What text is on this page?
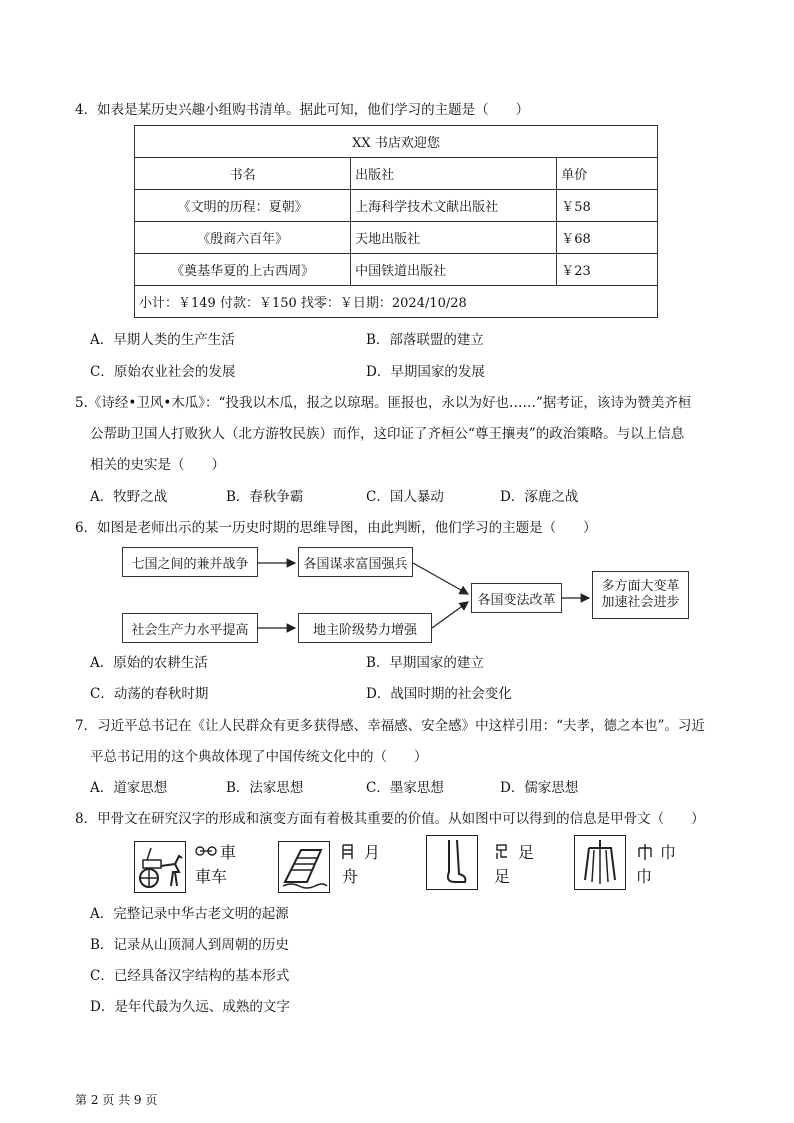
4．如表是某历史兴趣小组购书清单。据此可知，他们学习的主题是（　　）
XX 书店欢迎您		
书名	出版社	单价
《文明的历程：夏朝》	上海科学技术文献出版社	￥58
《殷商六百年》	天地出版社	￥68
《奠基华夏的上古西周》	中国铁道出版社	￥23
小计：￥149 付款：￥150 找零：￥日期：2024/10/28		
A．早期人类的生产生活	B．部落联盟的建立
C．原始农业社会的发展	D．早期国家的发展
5.《诗经•卫风•木瓜》：“投我以木瓜，报之以琼琚。匪报也，永以为好也……”据考证，该诗为赞美齐桓
公帮助卫国人打败狄人（北方游牧民族）而作，这印证了齐桓公“尊王攘夷”的政治策略。与以上信息
相关的史实是（　　）
A．牧野之战	B．春秋争霸	C．国人暴动	D．涿鹿之战
6．如图是老师出示的某一历史时期的思维导图，由此判断，他们学习的主题是（　　）
七国之间的兼并战争	各国谋求富国强兵
社会生产力水平提高	地主阶级势力增强
各国变法改革
多方面大变革
加速社会进步
A．原始的农耕生活	B．早期国家的建立
C．动荡的春秋时期	D．战国时期的社会变化
7．习近平总书记在《让人民群众有更多获得感、幸福感、安全感》中这样引用：“夫孝，德之本也”。习近
平总书记用的这个典故体现了中国传统文化中的（　　）
A．道家思想	B．法家思想	C．墨家思想	D．儒家思想
8．甲骨文在研究汉字的形成和演变方面有着极其重要的价值。从如图中可以得到的信息是甲骨文（　　）
車
車车
月
舟
足
足
巾
巾
A．完整记录中华古老文明的起源
B．记录从山顶洞人到周朝的历史
C．已经具备汉字结构的基本形式
D．是年代最为久远、成熟的文字
第 2 页 共 9 页
